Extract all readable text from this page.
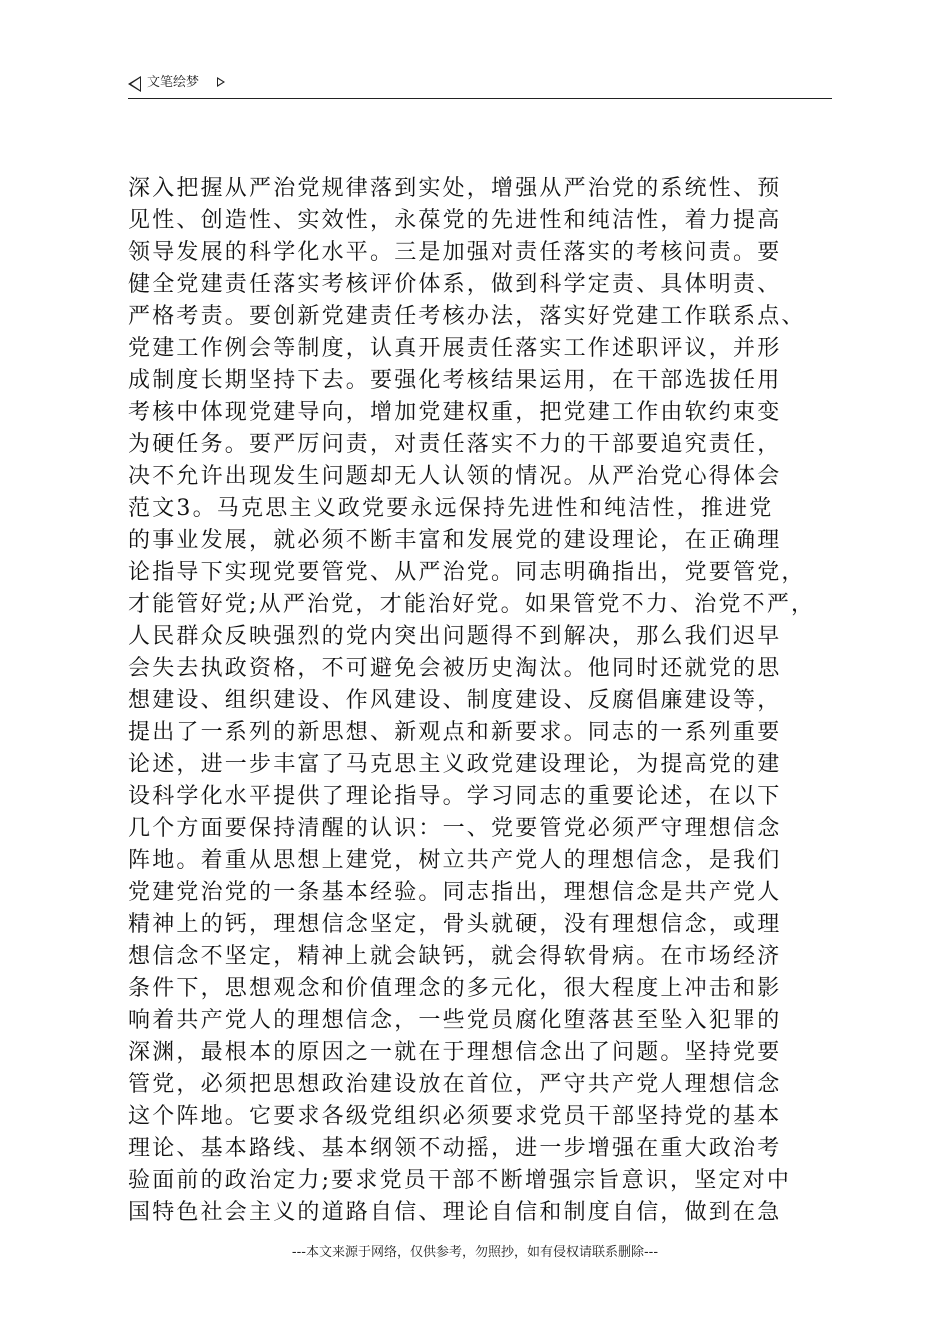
文笔绘梦
深入把握从严治党规律落到实处，增强从严治党的系统性、预
见性、创造性、实效性，永葆党的先进性和纯洁性，着力提高
领导发展的科学化水平。三是加强对责任落实的考核问责。要
健全党建责任落实考核评价体系，做到科学定责、具体明责、
严格考责。要创新党建责任考核办法，落实好党建工作联系点、
党建工作例会等制度，认真开展责任落实工作述职评议，并形
成制度长期坚持下去。要强化考核结果运用，在干部选拔任用
考核中体现党建导向，增加党建权重，把党建工作由软约束变
为硬任务。要严厉问责，对责任落实不力的干部要追究责任，
决不允许出现发生问题却无人认领的情况。从严治党心得体会
范文3。马克思主义政党要永远保持先进性和纯洁性，推进党
的事业发展，就必须不断丰富和发展党的建设理论，在正确理
论指导下实现党要管党、从严治党。同志明确指出，党要管党，
才能管好党;从严治党，才能治好党。如果管党不力、治党不严，
人民群众反映强烈的党内突出问题得不到解决，那么我们迟早
会失去执政资格，不可避免会被历史淘汰。他同时还就党的思
想建设、组织建设、作风建设、制度建设、反腐倡廉建设等，
提出了一系列的新思想、新观点和新要求。同志的一系列重要
论述，进一步丰富了马克思主义政党建设理论，为提高党的建
设科学化水平提供了理论指导。学习同志的重要论述，在以下
几个方面要保持清醒的认识：一、党要管党必须严守理想信念
阵地。着重从思想上建党，树立共产党人的理想信念，是我们
党建党治党的一条基本经验。同志指出，理想信念是共产党人
精神上的钙，理想信念坚定，骨头就硬，没有理想信念，或理
想信念不坚定，精神上就会缺钙，就会得软骨病。在市场经济
条件下，思想观念和价值理念的多元化，很大程度上冲击和影
响着共产党人的理想信念，一些党员腐化堕落甚至坠入犯罪的
深渊，最根本的原因之一就在于理想信念出了问题。坚持党要
管党，必须把思想政治建设放在首位，严守共产党人理想信念
这个阵地。它要求各级党组织必须要求党员干部坚持党的基本
理论、基本路线、基本纲领不动摇，进一步增强在重大政治考
验面前的政治定力;要求党员干部不断增强宗旨意识，坚定对中
国特色社会主义的道路自信、理论自信和制度自信，做到在急
---本文来源于网络，仅供参考，勿照抄，如有侵权请联系删除---
